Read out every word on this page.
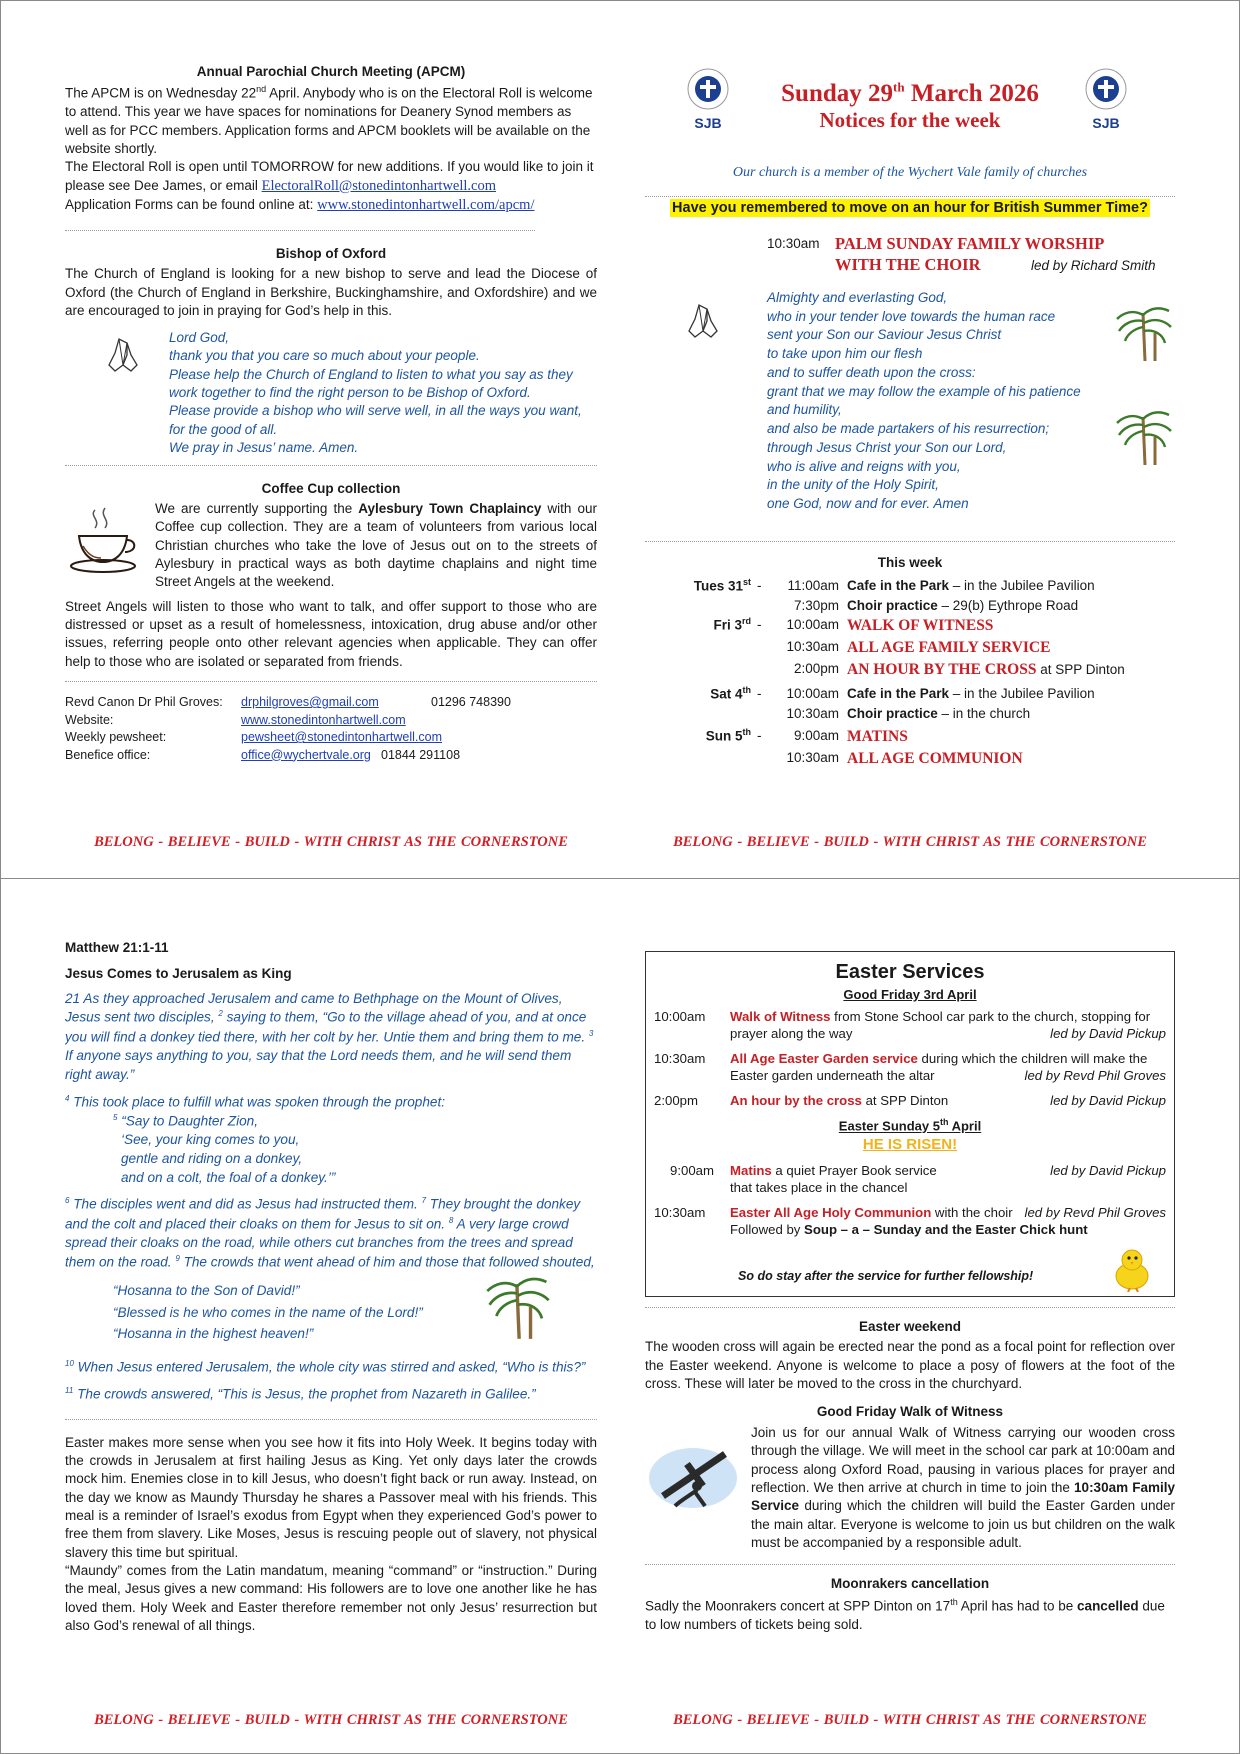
Annual Parochial Church Meeting (APCM)

The APCM is on Wednesday 22nd April. Anybody who is on the Electoral Roll is welcome to attend. This year we have spaces for nominations for Deanery Synod members as well as for PCC members. Application forms and APCM booklets will be available on the website shortly.

The Electoral Roll is open until TOMORROW for new additions. If you would like to join it please see Dee James, or email ElectoralRoll@stonedintonhartwell.com

Application Forms can be found online at: www.stonedintonhartwell.com/apcm/

Bishop of Oxford

The Church of England is looking for a new bishop to serve and lead the Diocese of Oxford (the Church of England in Berkshire, Buckinghamshire, and Oxfordshire) and we are encouraged to join in praying for God’s help in this.

Lord God,
thank you that you care so much about your people.
Please help the Church of England to listen to what you say as they
work together to find the right person to be Bishop of Oxford.
Please provide a bishop who will serve well, in all the ways you want,
for the good of all.
We pray in Jesus’ name. Amen.
Coffee Cup collection

We are currently supporting the Aylesbury Town Chaplaincy with our Coffee cup collection. They are a team of volunteers from various local Christian churches who take the love of Jesus out on to the streets of Aylesbury in practical ways as both daytime chaplains and night time Street Angels at the weekend.

Street Angels will listen to those who want to talk, and offer support to those who are distressed or upset as a result of homelessness, intoxication, drug abuse and/or other issues, referring people onto other relevant agencies when applicable. They can offer help to those who are isolated or separated from friends.

Revd Canon Dr Phil Groves:	drphilgroves@gmail.com	01296 748390
Website:	www.stonedintonhartwell.com
Weekly pewsheet:	pewsheet@stonedintonhartwell.com
Benefice office:	office@wychertvale.org 01844 291108
BELONG - BELIEVE - BUILD - WITH CHRIST AS THE CORNERSTONE
SJB	SJB
Sunday 29th March 2026
Notices for the week
Our church is a member of the Wychert Vale family of churches
Have you remembered to move on an hour for British Summer Time?
10:30am PALM SUNDAY FAMILY WORSHIP
WITH THE CHOIR	led by Richard Smith
Almighty and everlasting God,
who in your tender love towards the human race
sent your Son our Saviour Jesus Christ
to take upon him our flesh
and to suffer death upon the cross:
grant that we may follow the example of his patience
and humility,
and also be made partakers of his resurrection;
through Jesus Christ your Son our Lord,
who is alive and reigns with you,
in the unity of the Holy Spirit,
one God, now and for ever. Amen
This week
Tues 31st -	11:00am Cafe in the Park – in the Jubilee Pavilion
7:30pm Choir practice – 29(b) Eythrope Road
Fri 3rd -	10:00am WALK OF WITNESS
10:30am ALL AGE FAMILY SERVICE
2:00pm AN HOUR BY THE CROSS at SPP Dinton
Sat 4th -	10:00am Cafe in the Park – in the Jubilee Pavilion
10:30am Choir practice – in the church
Sun 5th -	9:00am MATINS
10:30am ALL AGE COMMUNION
BELONG - BELIEVE - BUILD - WITH CHRIST AS THE CORNERSTONE
Matthew 21:1-11
Jesus Comes to Jerusalem as King

21 As they approached Jerusalem and came to Bethphage on the Mount of Olives, Jesus sent two disciples, $^2$ saying to them, “Go to the village ahead of you, and at once you will find a donkey tied there, with her colt by her. Untie them and bring them to me. $^3$ If anyone says anything to you, say that the Lord needs them, and he will send them right away.”

$^4$ This took place to fulfill what was spoken through the prophet:

$^5$ “Say to Daughter Zion,

‘See, your king comes to you,

gentle and riding on a donkey,

and on a colt, the foal of a donkey.’”

$^6$ The disciples went and did as Jesus had instructed them. $^7$ They brought the donkey and the colt and placed their cloaks on them for Jesus to sit on. $^8$ A very large crowd spread their cloaks on the road, while others cut branches from the trees and spread them on the road. $^9$ The crowds that went ahead of him and those that followed shouted,

“Hosanna to the Son of David!”

“Blessed is he who comes in the name of the Lord!”

“Hosanna in the highest heaven!”

$^{10}$ When Jesus entered Jerusalem, the whole city was stirred and asked, “Who is this?”

$^{11}$ The crowds answered, “This is Jesus, the prophet from Nazareth in Galilee.”

Easter makes more sense when you see how it fits into Holy Week. It begins today with the crowds in Jerusalem at first hailing Jesus as King. Yet only days later the crowds mock him. Enemies close in to kill Jesus, who doesn’t fight back or run away. Instead, on the day we know as Maundy Thursday he shares a Passover meal with his friends. This meal is a reminder of Israel’s exodus from Egypt when they experienced God’s power to free them from slavery. Like Moses, Jesus is rescuing people out of slavery, not physical slavery this time but spiritual.

“Maundy” comes from the Latin mandatum, meaning “command” or “instruction.” During the meal, Jesus gives a new command: His followers are to love one another like he has loved them. Holy Week and Easter therefore remember not only Jesus’ resurrection but also God’s renewal of all things.

BELONG - BELIEVE - BUILD - WITH CHRIST AS THE CORNERSTONE
Easter Services
Good Friday 3rd April
10:00am	Walk of Witness from Stone School car park to the church, stopping for prayer along the way	led by David Pickup
10:30am	All Age Easter Garden service during which the children will make the Easter garden underneath the altar	led by Revd Phil Groves
2:00pm	An hour by the cross at SPP Dinton	led by David Pickup
Easter Sunday 5th April
HE IS RISEN!
9:00am	Matins a quiet Prayer Book service	led by David Pickup

that takes place in the chancel
10:30am	Easter All Age Holy Communion with the choir led by Revd Phil Groves

Followed by Soup – a – Sunday and the Easter Chick hunt
So do stay after the service for further fellowship!
Easter weekend

The wooden cross will again be erected near the pond as a focal point for reflection over the Easter weekend. Anyone is welcome to place a posy of flowers at the foot of the cross. These will later be moved to the cross in the churchyard.

Good Friday Walk of Witness

Join us for our annual Walk of Witness carrying our wooden cross through the village. We will meet in the school car park at 10:00am and process along Oxford Road, pausing in various places for prayer and reflection. We then arrive at church in time to join the 10:30am Family Service during which the children will build the Easter Garden under the main altar. Everyone is welcome to join us but children on the walk must be accompanied by a responsible adult.

Moonrakers cancellation

Sadly the Moonrakers concert at SPP Dinton on 17th April has had to be cancelled due to low numbers of tickets being sold.

BELONG - BELIEVE - BUILD - WITH CHRIST AS THE CORNERSTONE
